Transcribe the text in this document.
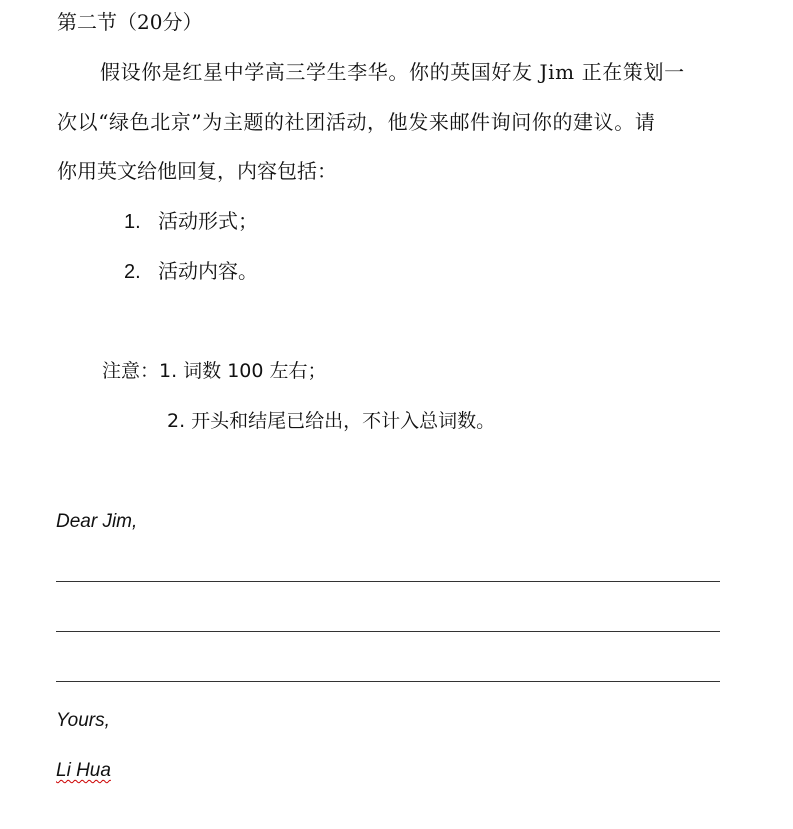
第二节（20分）
假设你是红星中学高三学生李华。你的英国好友 Jim 正在策划一
次以“绿色北京”为主题的社团活动，他发来邮件询问你的建议。请
你用英文给他回复，内容包括：
1. 活动形式；
2. 活动内容。
注意：1. 词数 100 左右；
2. 开头和结尾已给出，不计入总词数。
Dear Jim,
Yours,
Li Hua
